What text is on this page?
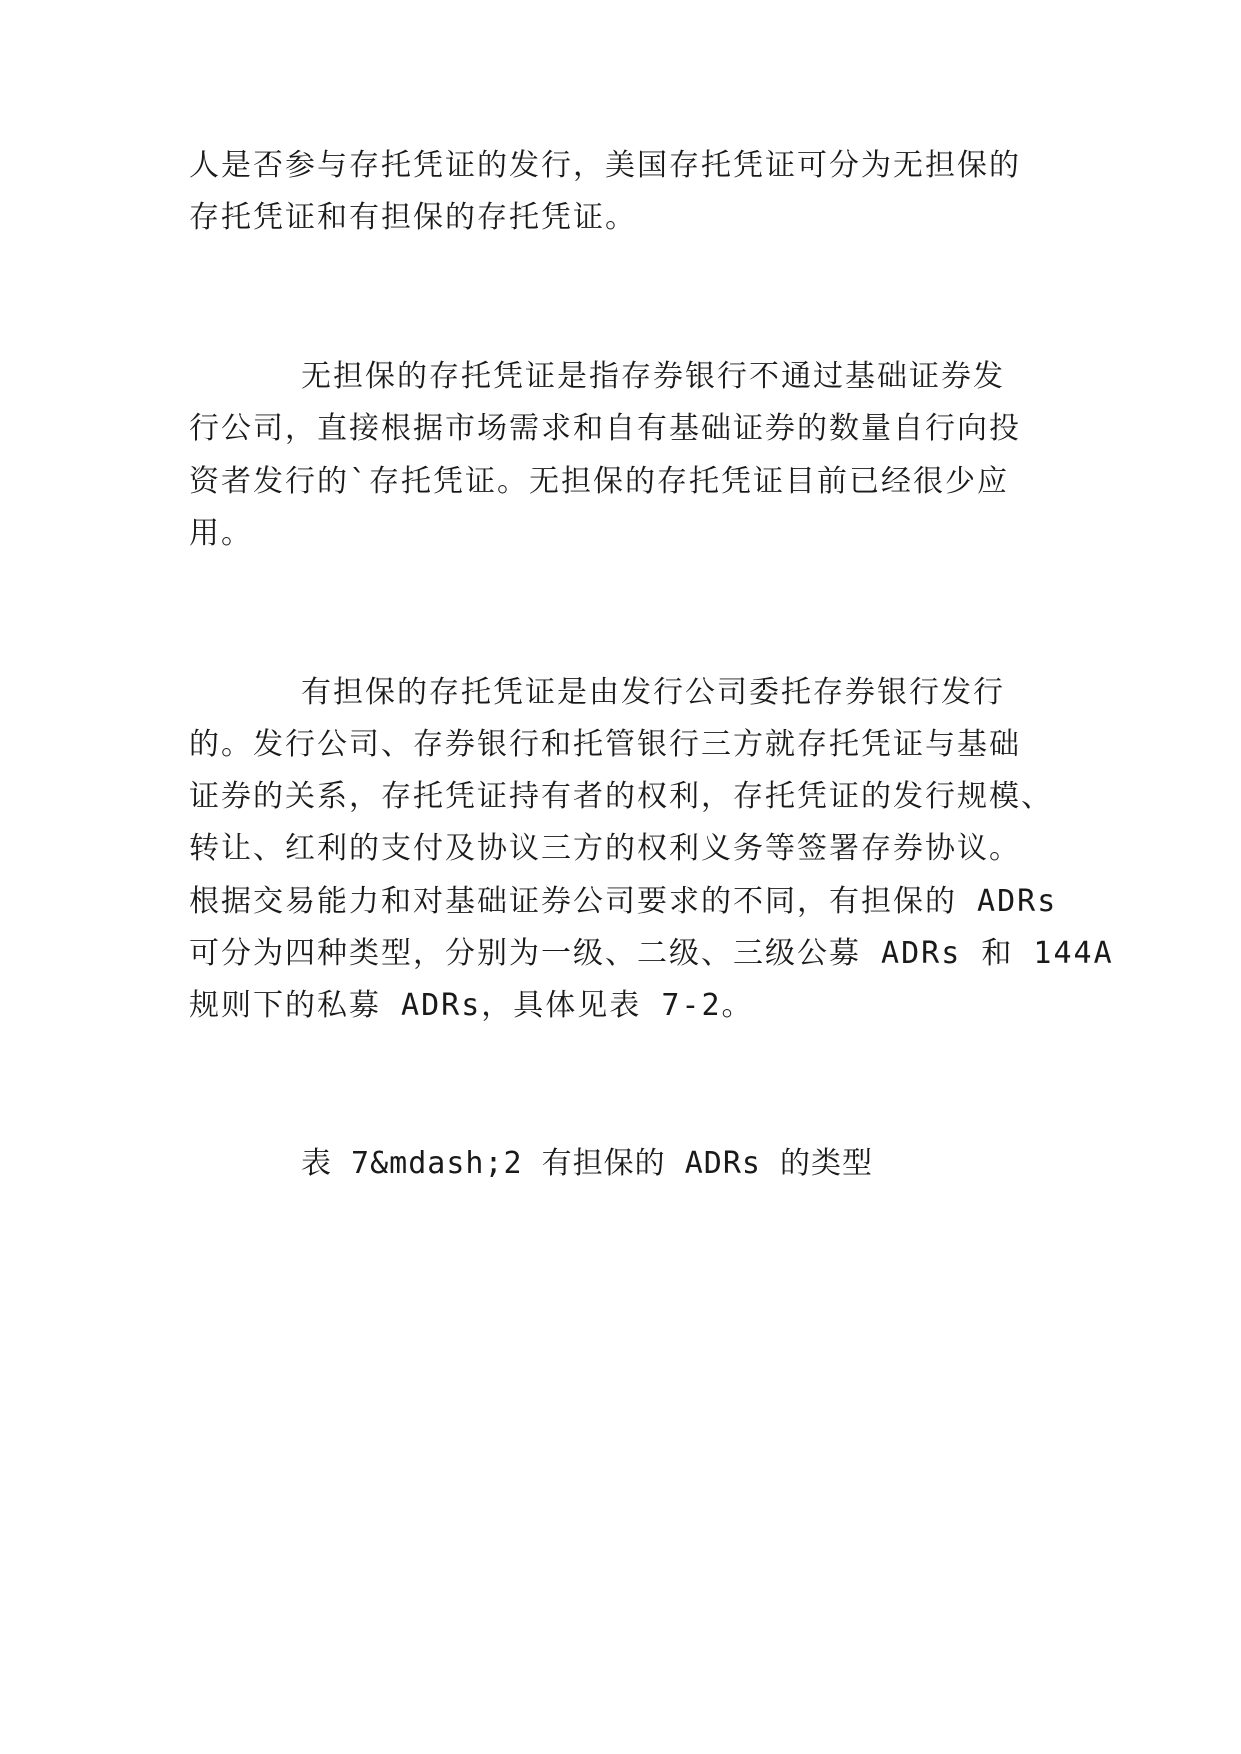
人是否参与存托凭证的发行，美国存托凭证可分为无担保的

存托凭证和有担保的存托凭证。

无担保的存托凭证是指存券银行不通过基础证券发

行公司，直接根据市场需求和自有基础证券的数量自行向投

资者发行的`存托凭证。无担保的存托凭证目前已经很少应

用。

有担保的存托凭证是由发行公司委托存券银行发行

的。发行公司、存券银行和托管银行三方就存托凭证与基础

证券的关系，存托凭证持有者的权利，存托凭证的发行规模、

转让、红利的支付及协议三方的权利义务等签署存券协议。

根据交易能力和对基础证券公司要求的不同，有担保的 ADRs

可分为四种类型，分别为一级、二级、三级公募 ADRs 和 144A

规则下的私募 ADRs，具体见表 7-2。

表 7&mdash;2 有担保的 ADRs 的类型
